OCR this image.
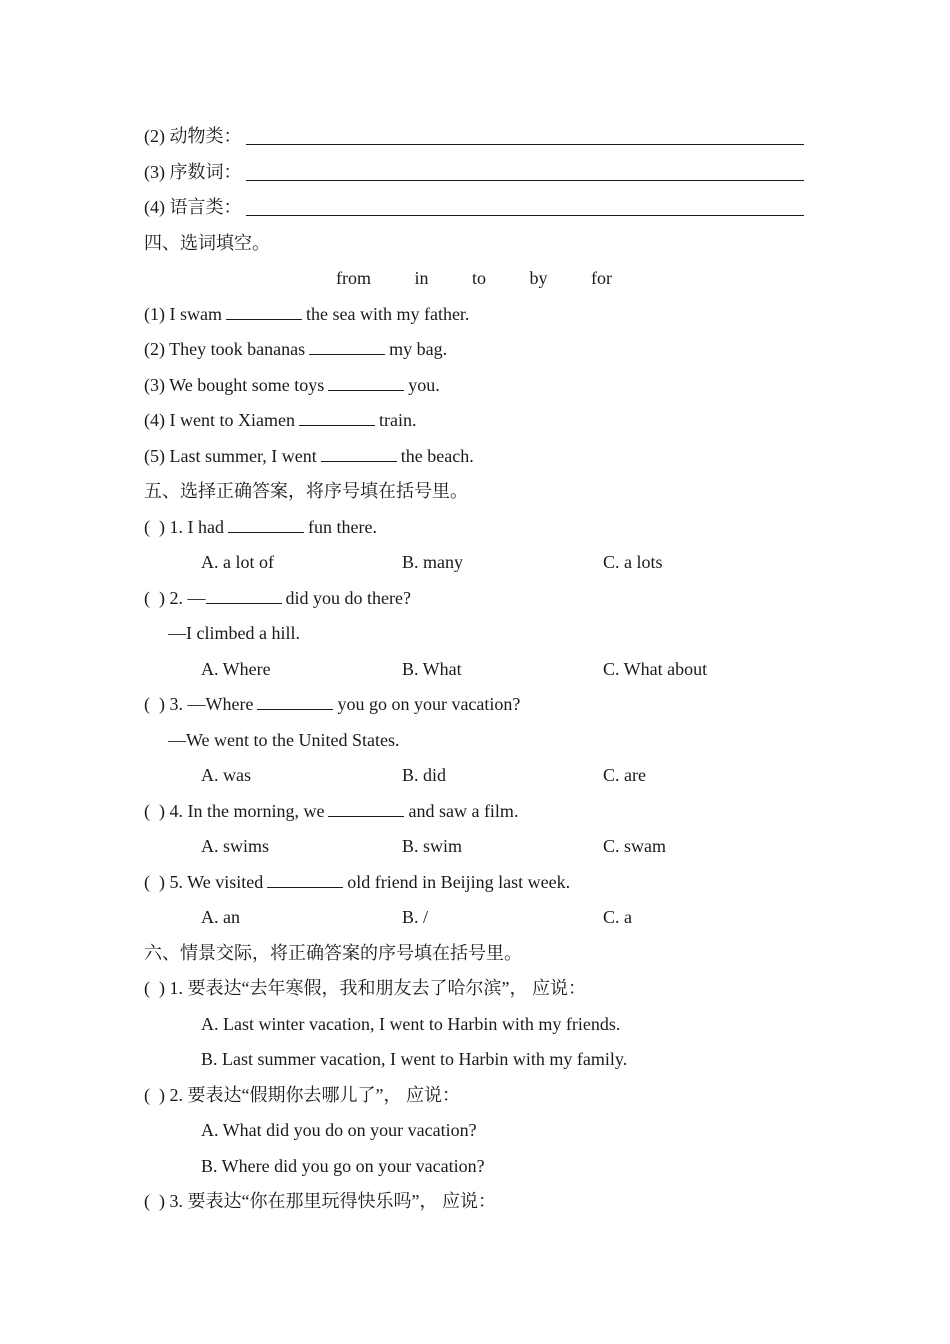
(2) 动物类：
(3) 序数词：
(4) 语言类：
四、选词填空。
from   in   to   by   for
(1) I swam	the sea with my father.
(2) They took bananas	my bag.
(3) We bought some toys	you.
(4) I went to Xiamen	train.
(5) Last summer, I went	the beach.
五、选择正确答案，将序号填在括号里。
(  ) 1. I had	fun there.
A. a lot of	B. many	C. a lots
(  ) 2. —	did you do there?
—I climbed a hill.
A. Where	B. What	C. What about
(  ) 3. —Where	you go on your vacation?
—We went to the United States.
A. was	B. did	C. are
(  ) 4. In the morning, we	and saw a film.
A. swims	B. swim	C. swam
(  ) 5. We visited	old friend in Beijing last week.
A. an	B. /	C. a
六、情景交际，将正确答案的序号填在括号里。
(  ) 1. 要表达“去年寒假，我和朋友去了哈尔滨”， 应说：
A. Last winter vacation, I went to Harbin with my friends.
B. Last summer vacation, I went to Harbin with my family.
(  ) 2. 要表达“假期你去哪儿了”， 应说：
A. What did you do on your vacation?
B. Where did you go on your vacation?
(  ) 3. 要表达“你在那里玩得快乐吗”， 应说：
